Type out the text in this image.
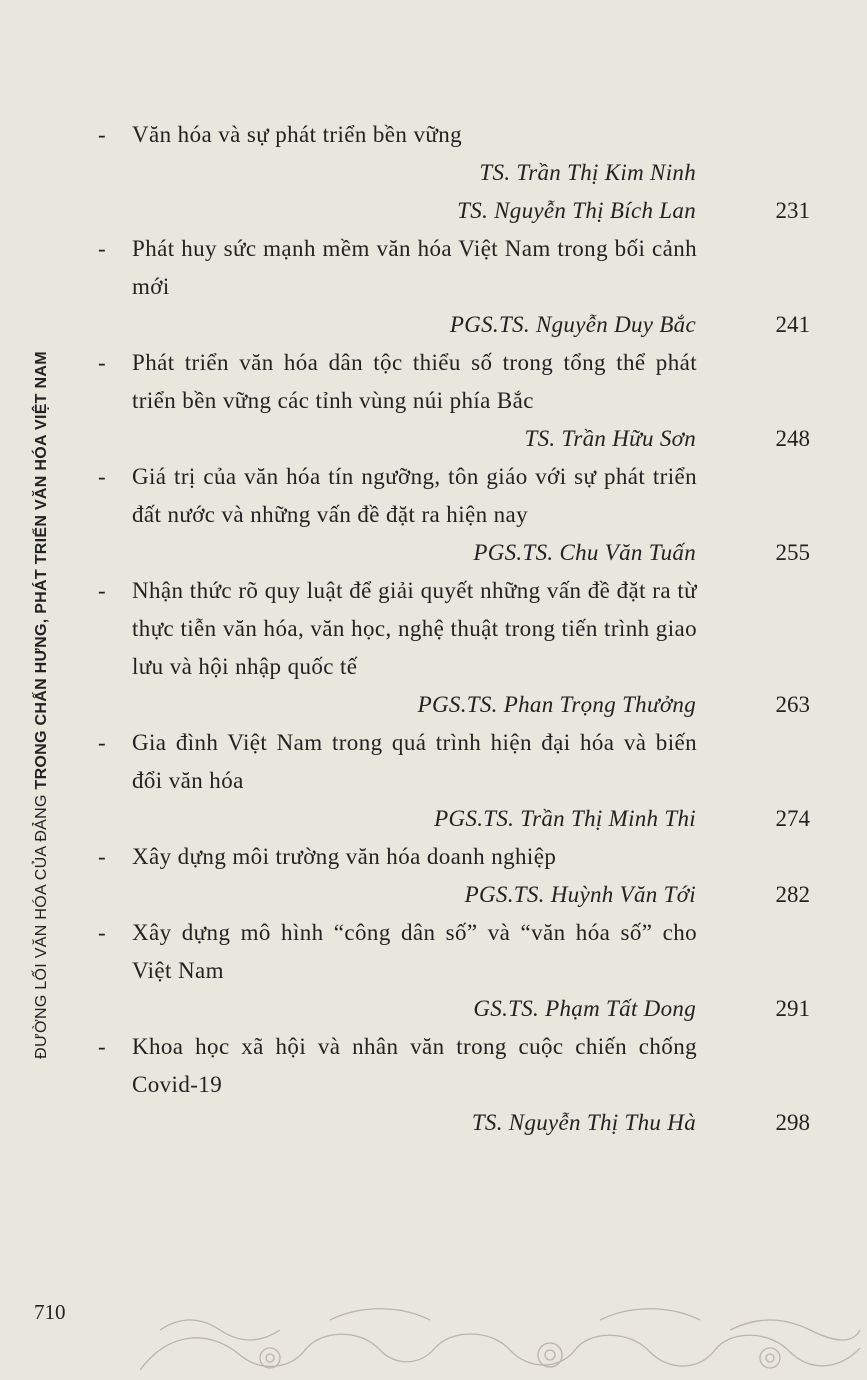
ĐƯỜNG LỐI VĂN HÓA CỦA ĐẢNG TRONG CHẤN HƯNG, PHÁT TRIỂN VĂN HÓA VIỆT NAM
-	Văn hóa và sự phát triển bền vững
TS. Trần Thị Kim Ninh
TS. Nguyễn Thị Bích Lan	231
-	Phát huy sức mạnh mềm văn hóa Việt Nam trong bối cảnh mới
PGS.TS. Nguyễn Duy Bắc	241
-	Phát triển văn hóa dân tộc thiểu số trong tổng thể phát triển bền vững các tỉnh vùng núi phía Bắc
TS. Trần Hữu Sơn	248
-	Giá trị của văn hóa tín ngưỡng, tôn giáo với sự phát triển đất nước và những vấn đề đặt ra hiện nay
PGS.TS. Chu Văn Tuấn	255
-	Nhận thức rõ quy luật để giải quyết những vấn đề đặt ra từ thực tiễn văn hóa, văn học, nghệ thuật trong tiến trình giao lưu và hội nhập quốc tế
PGS.TS. Phan Trọng Thưởng	263
-	Gia đình Việt Nam trong quá trình hiện đại hóa và biến đổi văn hóa
PGS.TS. Trần Thị Minh Thi	274
-	Xây dựng môi trường văn hóa doanh nghiệp
PGS.TS. Huỳnh Văn Tới	282
-	Xây dựng mô hình “công dân số” và “văn hóa số” cho Việt Nam
GS.TS. Phạm Tất Dong	291
-	Khoa học xã hội và nhân văn trong cuộc chiến chống Covid-19
TS. Nguyễn Thị Thu Hà	298
710
